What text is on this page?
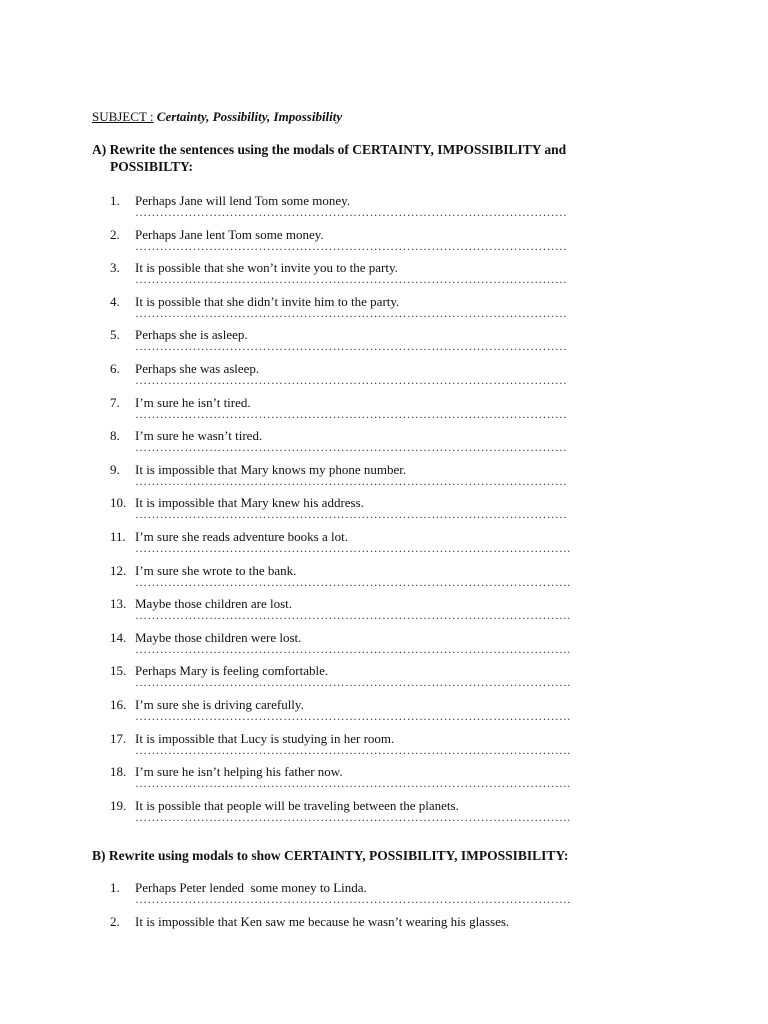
SUBJECT : Certainty, Possibility, Impossibility
A) Rewrite the sentences using the modals of CERTAINTY, IMPOSSIBILITY and
POSSIBILTY:
1. Perhaps Jane will lend Tom some money.
……………………………………………………………………………………………
2. Perhaps Jane lent Tom some money.
……………………………………………………………………………………………
3. It is possible that she won’t invite you to the party.
……………………………………………………………………………………………
4. It is possible that she didn’t invite him to the party.
……………………………………………………………………………………………
5. Perhaps she is asleep.
……………………………………………………………………………………………
6. Perhaps she was asleep.
……………………………………………………………………………………………
7. I’m sure he isn’t tired.
……………………………………………………………………………………………
8. I’m sure he wasn’t tired.
……………………………………………………………………………………………
9. It is impossible that Mary knows my phone number.
……………………………………………………………………………………………
10. It is impossible that Mary knew his address.
……………………………………………………………………………………………
11. I’m sure she reads adventure books a lot.
…………………………………………………………………………………………….
12. I’m sure she wrote to the bank.
…………………………………………………………………………………………….
13. Maybe those children are lost.
…………………………………………………………………………………………….
14. Maybe those children were lost.
…………………………………………………………………………………………….
15. Perhaps Mary is feeling comfortable.
…………………………………………………………………………………………….
16. I’m sure she is driving carefully.
…………………………………………………………………………………………….
17. It is impossible that Lucy is studying in her room.
…………………………………………………………………………………………….
18. I’m sure he isn’t helping his father now.
…………………………………………………………………………………………….
19. It is possible that people will be traveling between the planets.
…………………………………………………………………………………………….
B) Rewrite using modals to show CERTAINTY, POSSIBILITY, IMPOSSIBILITY:
1. Perhaps Peter lended  some money to Linda.
…………………………………………………………………………………………….
2. It is impossible that Ken saw me because he wasn’t wearing his glasses.
